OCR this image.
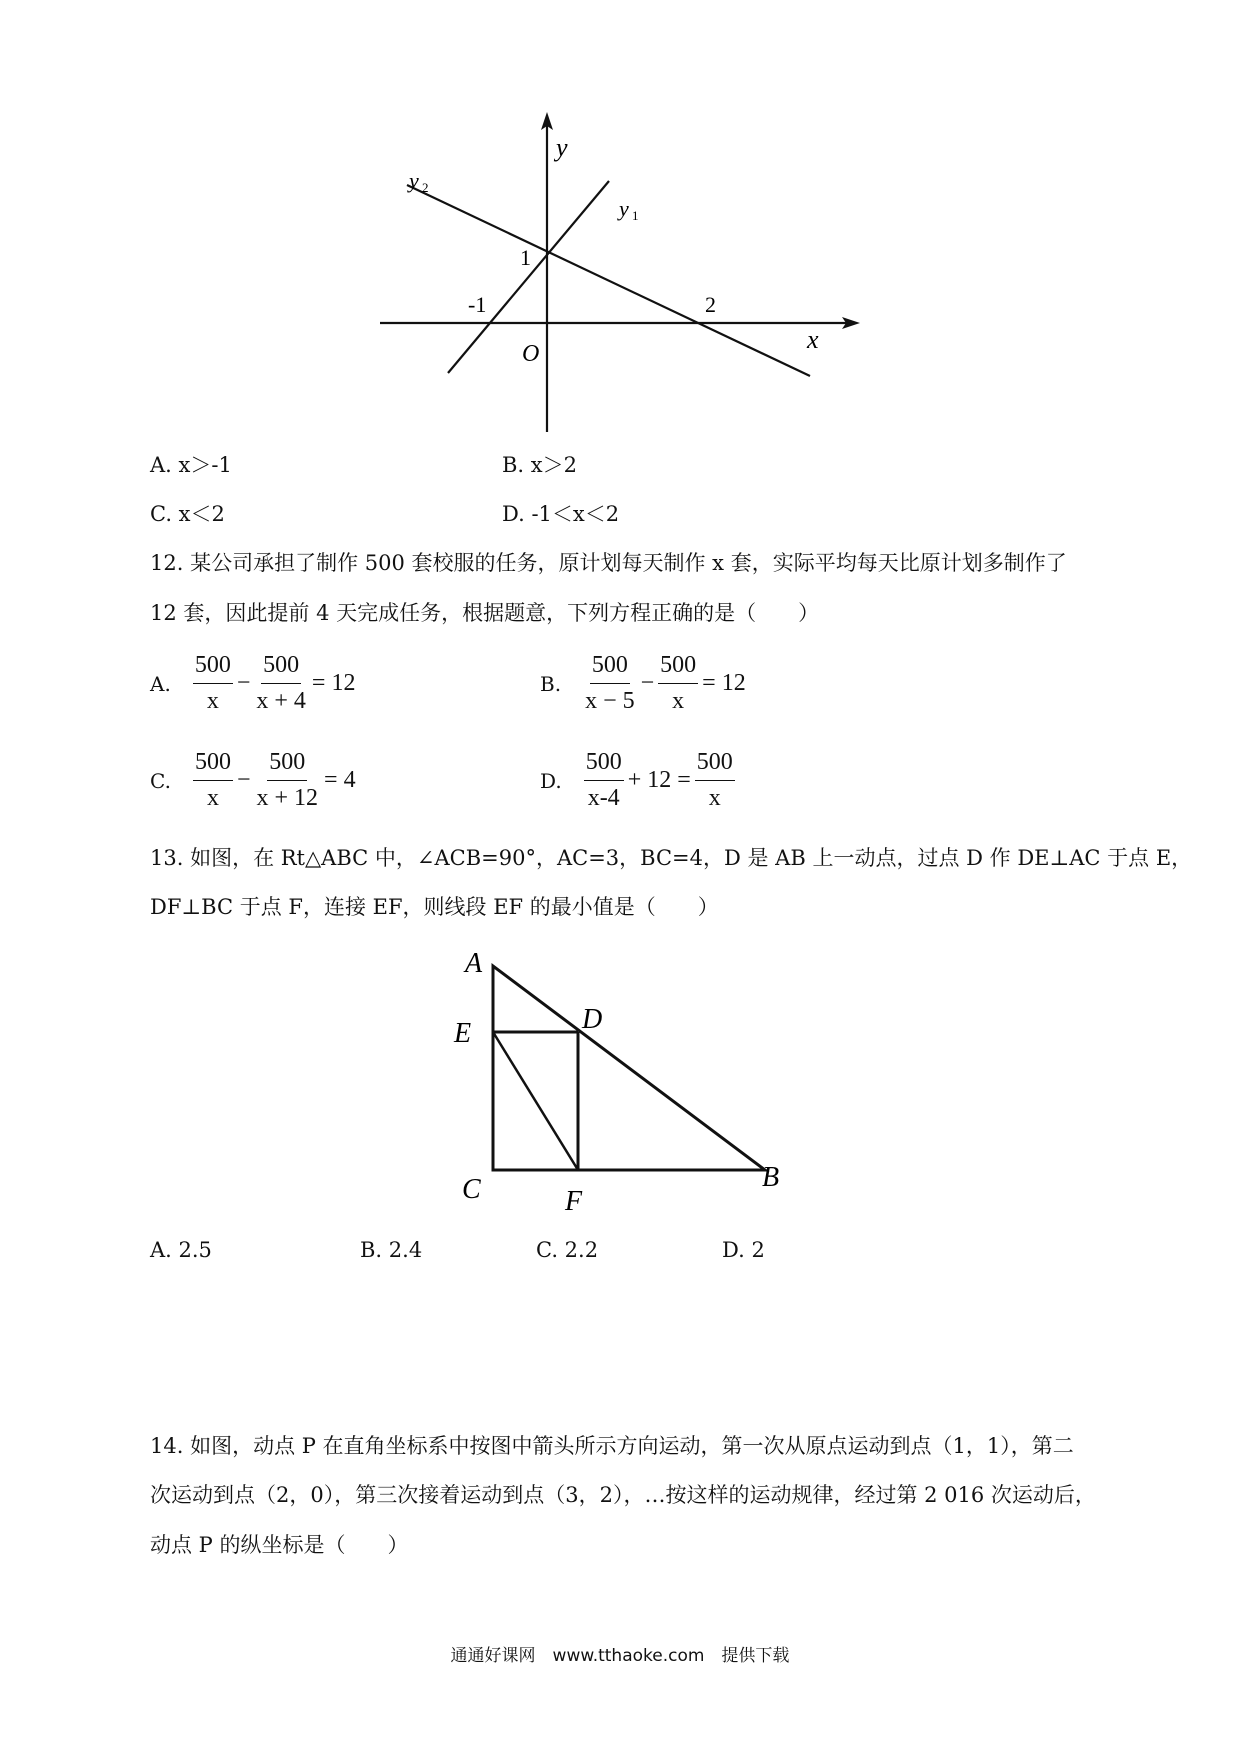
y
x
O
y 1
y 2
1
-1	2
A. x＞-1	B. x＞2
C. x＜2	D. -1＜x＜2
12. 某公司承担了制作 500 套校服的任务，原计划每天制作 x 套，实际平均每天比原计划多制作了
12 套，因此提前 4 天完成任务，根据题意，下列方程正确的是（　　）
A. $\frac{500}{x} - \frac{500}{x + 4} = 12$	B. $\frac{500}{x - 5} - \frac{500}{x} = 12$
C. $\frac{500}{x} - \frac{500}{x + 12} = 4$	D. $\frac{500}{x-4} + 12 = \frac{500}{x}$
13. 如图，在 Rt△ABC 中，∠ACB=90°，AC=3，BC=4，D 是 AB 上一动点，过点 D 作 DE⊥AC 于点 E，
DF⊥BC 于点 F，连接 EF，则线段 EF 的最小值是（　　）
A
E	D
C	F
B
A. 2.5	B. 2.4	C. 2.2	D. 2
14. 如图，动点 P 在直角坐标系中按图中箭头所示方向运动，第一次从原点运动到点（1，1），第二
次运动到点（2，0），第三次接着运动到点（3，2），…按这样的运动规律，经过第 2 016 次运动后，
动点 P 的纵坐标是（　　）
通通好课网　www.tthaoke.com　提供下载
